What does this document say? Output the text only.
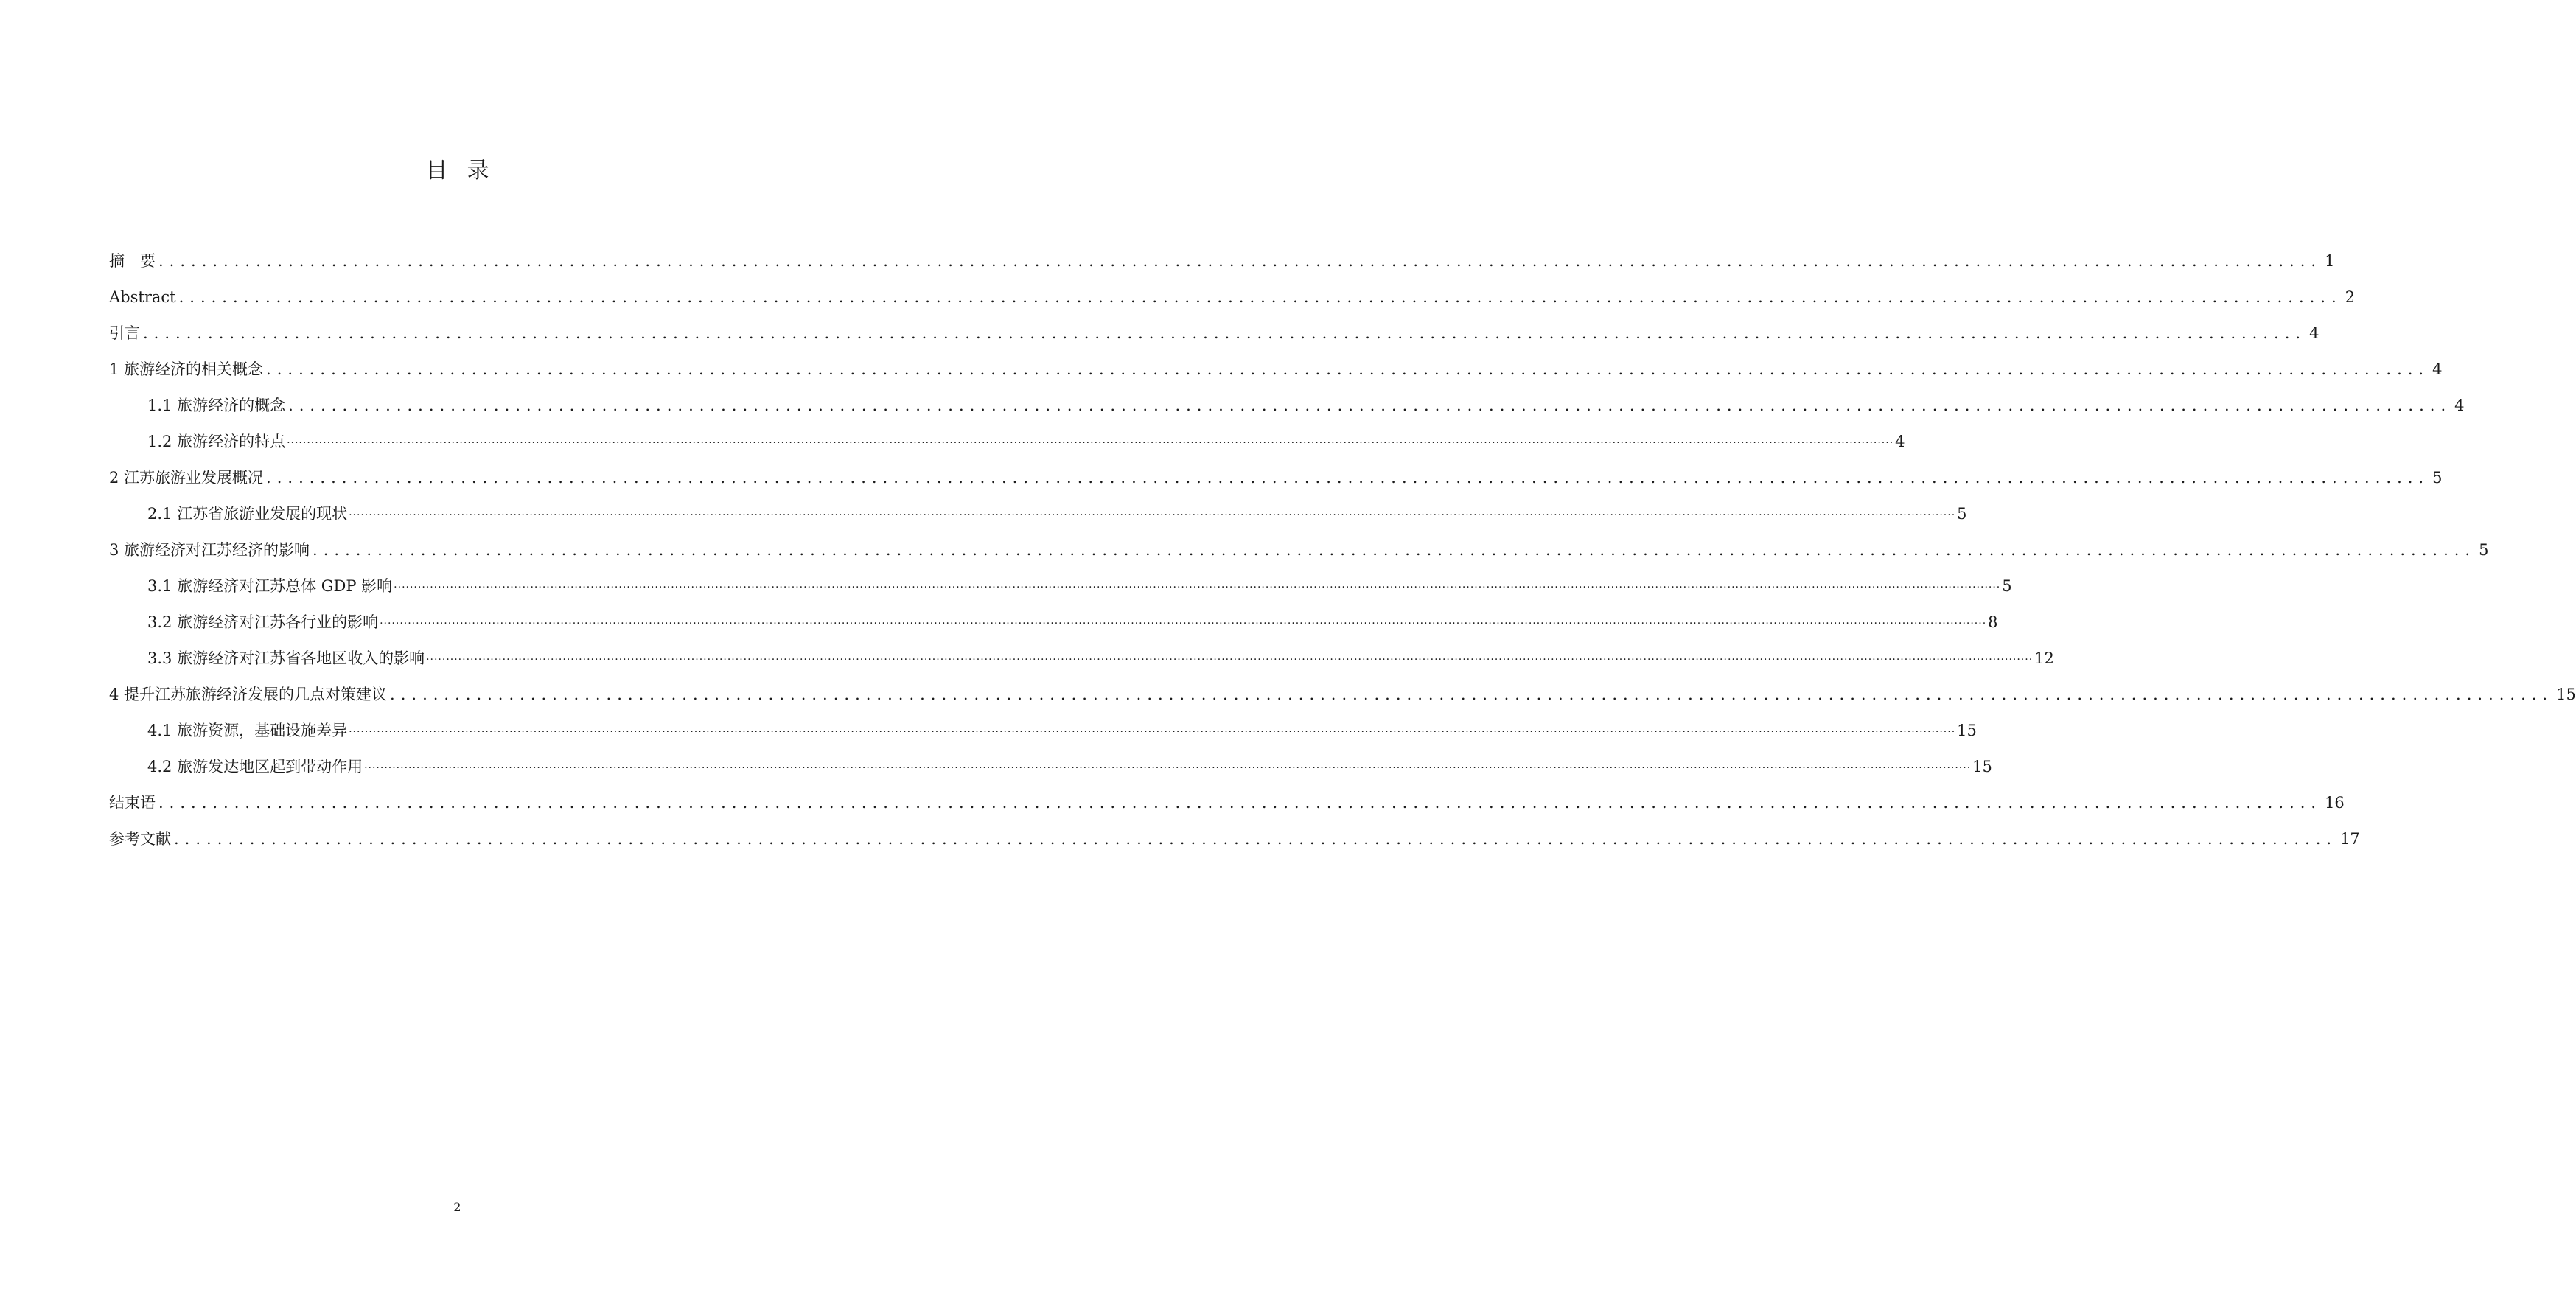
目录
摘　要 ........................................................................................................................................................................................................ 1
Abstract ........................................................................................................................................................................................................ 2
引言 ........................................................................................................................................................................................................ 4
1 旅游经济的相关概念 ........................................................................................................................................................................................................ 4
1.1 旅游经济的概念 ........................................................................................................................................................................................................ 4
1.2 旅游经济的特点 ................................................................................................................................................................................................................................................................................................................................................................................................................ 4
2 江苏旅游业发展概况 ........................................................................................................................................................................................................ 5
2.1 江苏省旅游业发展的现状 ................................................................................................................................................................................................................................................................................................................................................................................................................ 5
3 旅游经济对江苏经济的影响 ........................................................................................................................................................................................................ 5
3.1 旅游经济对江苏总体 GDP 影响 ................................................................................................................................................................................................................................................................................................................................................................................................................ 5
3.2 旅游经济对江苏各行业的影响 ................................................................................................................................................................................................................................................................................................................................................................................................................ 8
3.3 旅游经济对江苏省各地区收入的影响 ................................................................................................................................................................................................................................................................................................................................................................................................................ 12
4 提升江苏旅游经济发展的几点对策建议 ........................................................................................................................................................................................................ 15
4.1 旅游资源，基础设施差异 ................................................................................................................................................................................................................................................................................................................................................................................................................ 15
4.2 旅游发达地区起到带动作用 ................................................................................................................................................................................................................................................................................................................................................................................................................ 15
结束语 ........................................................................................................................................................................................................ 16
参考文献 ........................................................................................................................................................................................................ 17
2
